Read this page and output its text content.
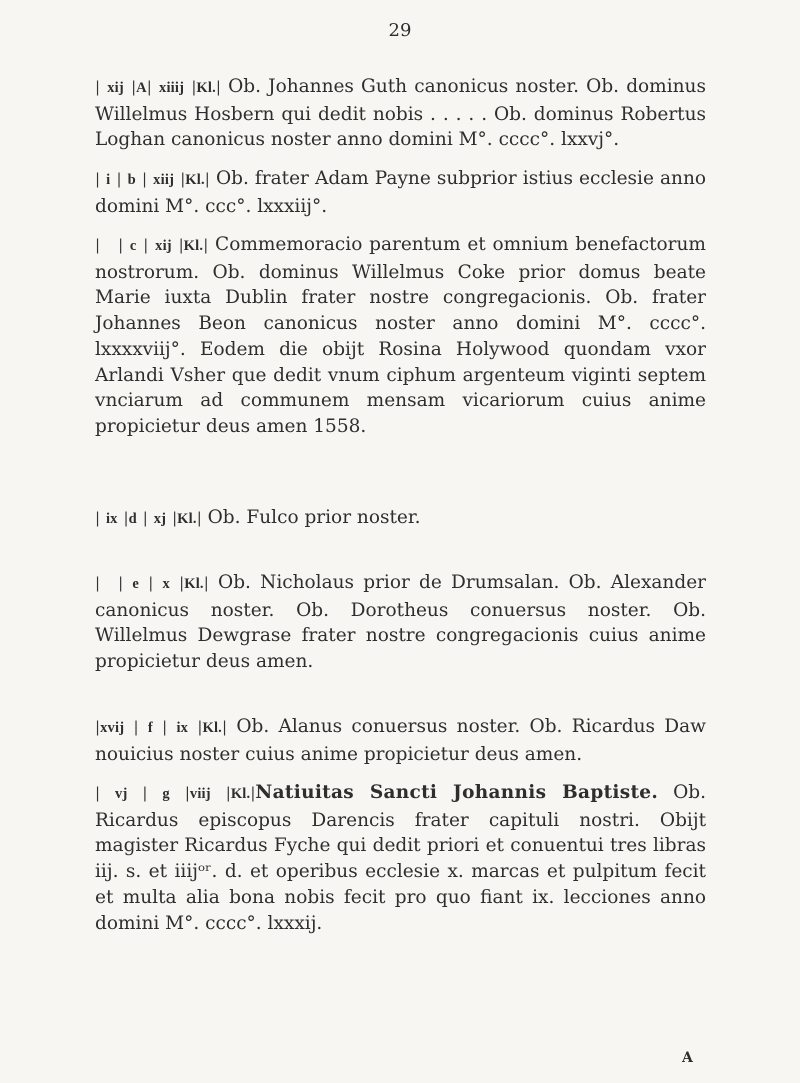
29
| xij |A| xiiij |Kl.| Ob. Johannes Guth canonicus noster. Ob. dominus Willelmus Hosbern qui dedit nobis . . . . . Ob. dominus Robertus Loghan canonicus noster anno domini M°. cccc°. lxxvj°.
| i | b | xiij |Kl.| Ob. frater Adam Payne subprior istius ecclesie anno domini M°. ccc°. lxxxiij°.
| | c | xij |Kl.| Commemoracio parentum et omnium benefactorum nostrorum. Ob. dominus Willelmus Coke prior domus beate Marie iuxta Dublin frater nostre congregacionis. Ob. frater Johannes Beon canonicus noster anno domini M°. cccc°. lxxxxviij°. Eodem die obijt Rosina Holywood quondam vxor Arlandi Vsher que dedit vnum ciphum argenteum viginti septem vnciarum ad communem mensam vicariorum cuius anime propicietur deus amen 1558.
| ix |d | xj |Kl.| Ob. Fulco prior noster.
| | e | x |Kl.| Ob. Nicholaus prior de Drumsalan. Ob. Alexander canonicus noster. Ob. Dorotheus conuersus noster. Ob. Willelmus Dewgrase frater nostre congregacionis cuius anime propicietur deus amen.
|xvij | f | ix |Kl.| Ob. Alanus conuersus noster. Ob. Ricardus Daw nouicius noster cuius anime propicietur deus amen.
| vj | g |viij |Kl.|Natiuitas Sancti Johannis Baptiste. Ob. Ricardus episcopus Darencis frater capituli nostri. Obijt magister Ricardus Fyche qui dedit priori et conuentui tres libras iij. s. et iiijᵒʳ. d. et operibus ecclesie x. marcas et pulpitum fecit et multa alia bona nobis fecit pro quo fiant ix. lecciones anno domini M°. cccc°. lxxxij.
A
